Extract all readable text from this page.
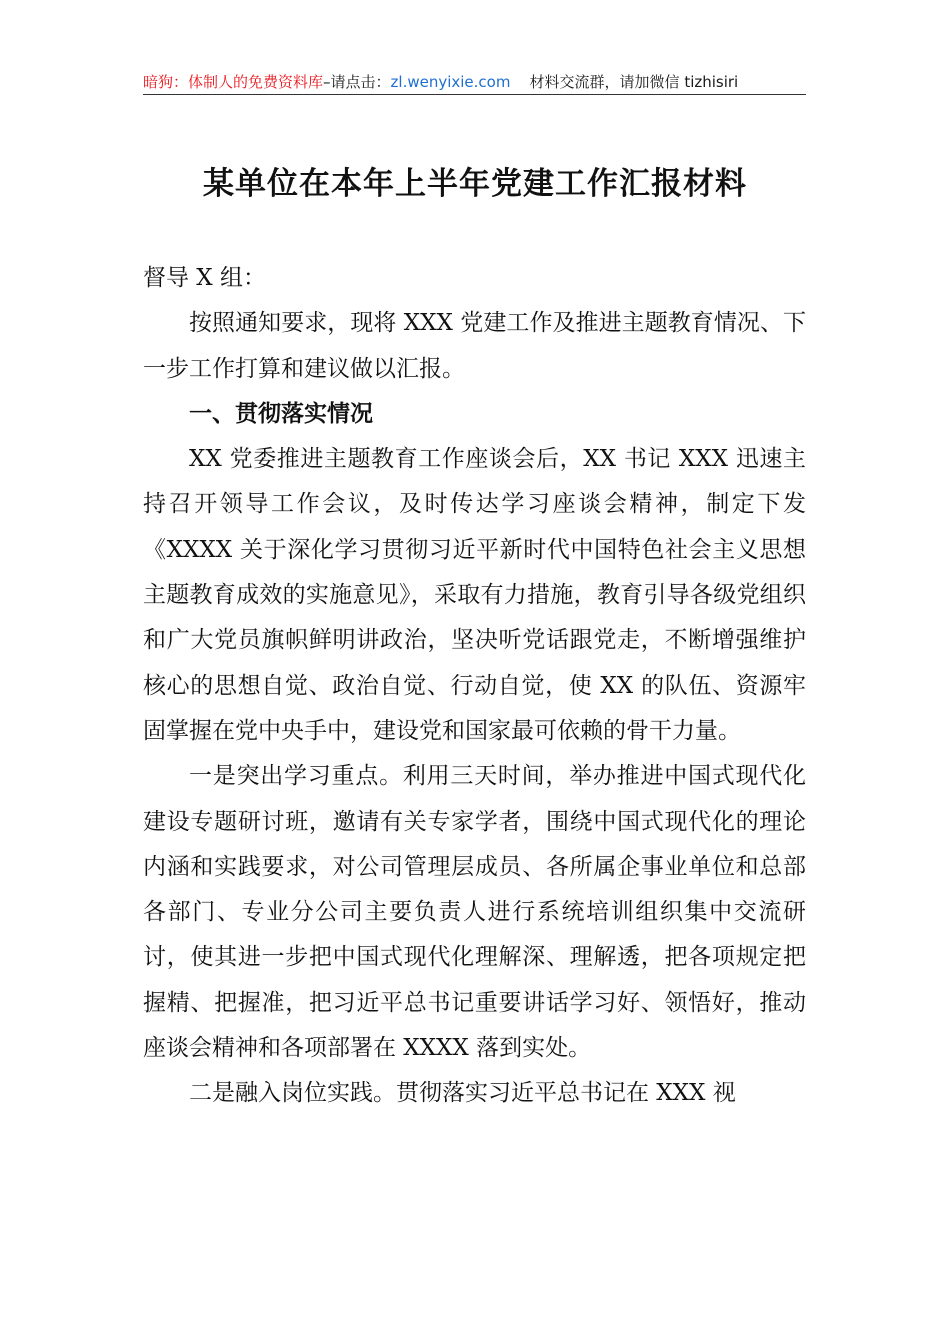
暗狗：体制人的免费资料库–请点击：zl.wenyixie.com 材料交流群，请加微信 tizhisiri
某单位在本年上半年党建工作汇报材料

督导 X 组：

按照通知要求，现将 XXX 党建工作及推进主题教育情况、下一步工作打算和建议做以汇报。

一、贯彻落实情况

XX 党委推进主题教育工作座谈会后，XX 书记 XXX 迅速主持召开领导工作会议，及时传达学习座谈会精神，制定下发《XXXX 关于深化学习贯彻习近平新时代中国特色社会主义思想主题教育成效的实施意见》，采取有力措施，教育引导各级党组织和广大党员旗帜鲜明讲政治，坚决听党话跟党走，不断增强维护核心的思想自觉、政治自觉、行动自觉，使 XX 的队伍、资源牢固掌握在党中央手中，建设党和国家最可依赖的骨干力量。

一是突出学习重点。利用三天时间，举办推进中国式现代化建设专题研讨班，邀请有关专家学者，围绕中国式现代化的理论内涵和实践要求，对公司管理层成员、各所属企事业单位和总部各部门、专业分公司主要负责人进行系统培训组织集中交流研讨，使其进一步把中国式现代化理解深、理解透，把各项规定把握精、把握准，把习近平总书记重要讲话学习好、领悟好，推动座谈会精神和各项部署在 XXXX 落到实处。

二是融入岗位实践。贯彻落实习近平总书记在 XXX 视
